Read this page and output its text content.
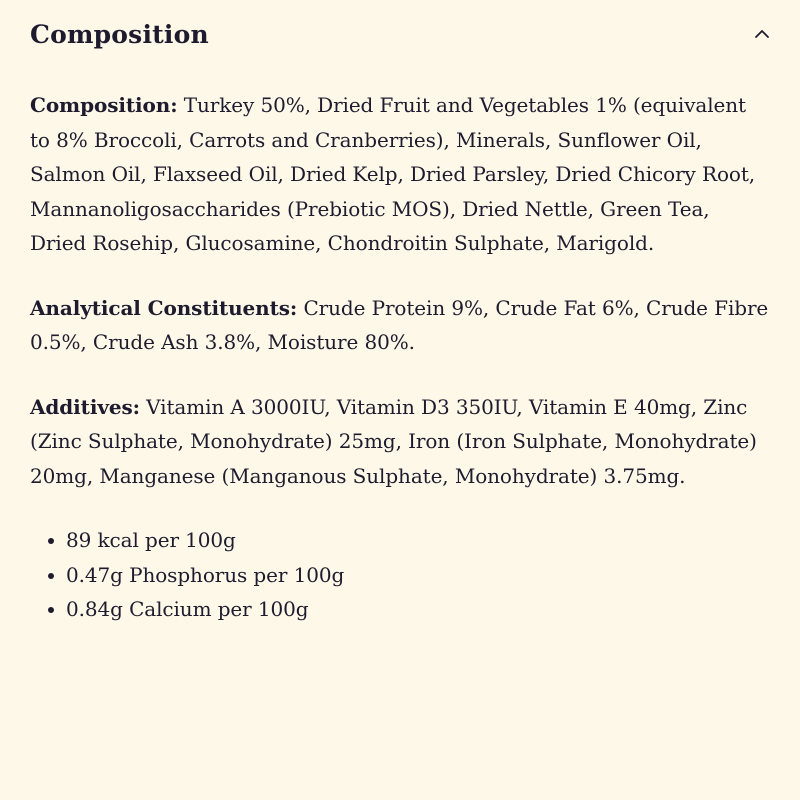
Composition

Composition: Turkey 50%, Dried Fruit and Vegetables 1% (equivalent to 8% Broccoli, Carrots and Cranberries), Minerals, Sunflower Oil, Salmon Oil, Flaxseed Oil, Dried Kelp, Dried Parsley, Dried Chicory Root, Mannanoligosaccharides (Prebiotic MOS), Dried Nettle, Green Tea, Dried Rosehip, Glucosamine, Chondroitin Sulphate, Marigold.

Analytical Constituents: Crude Protein 9%, Crude Fat 6%, Crude Fibre 0.5%, Crude Ash 3.8%, Moisture 80%.

Additives: Vitamin A 3000IU, Vitamin D3 350IU, Vitamin E 40mg, Zinc (Zinc Sulphate, Monohydrate) 25mg, Iron (Iron Sulphate, Monohydrate) 20mg, Manganese (Manganous Sulphate, Monohydrate) 3.75mg.

89 kcal per 100g
0.47g Phosphorus per 100g
0.84g Calcium per 100g
